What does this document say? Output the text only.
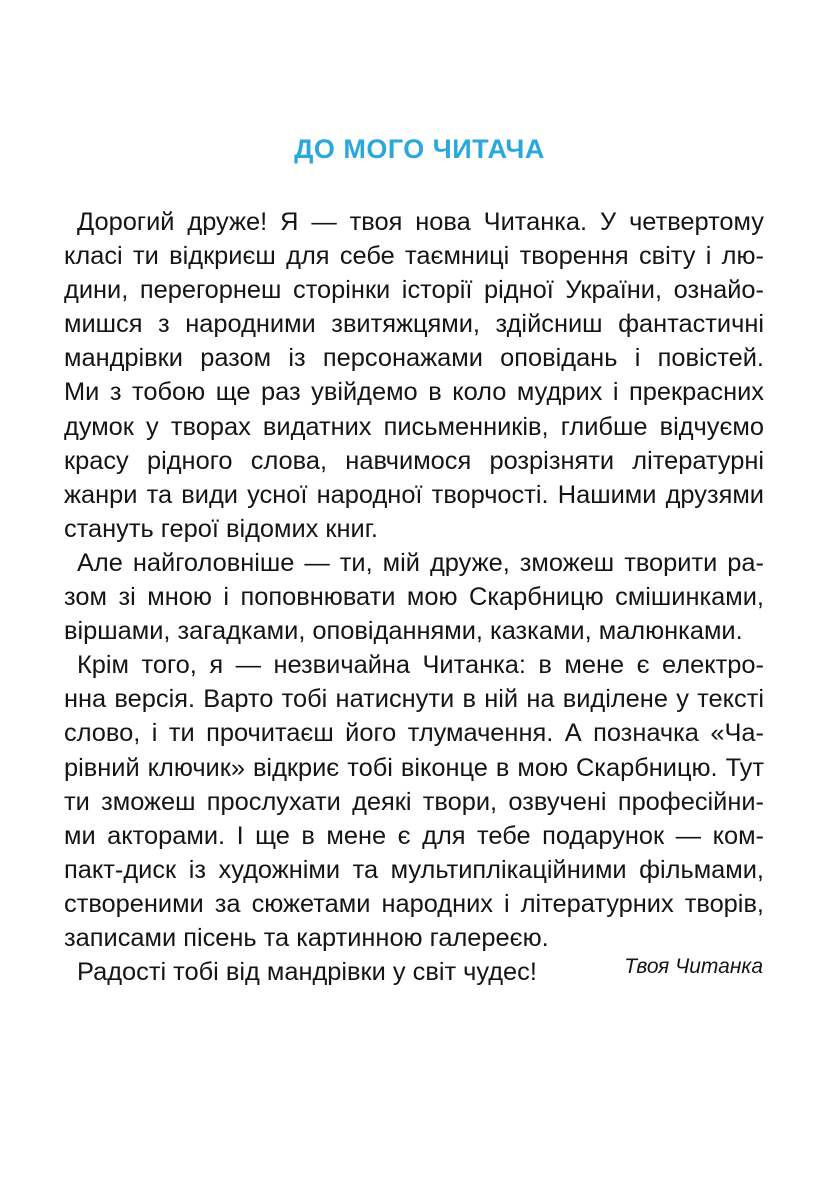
ДО МОГО ЧИТАЧА
Дорогий друже! Я — твоя нова Читанка. У четвертому
класі ти відкриєш для себе таємниці творення світу і лю-
дини, перегорнеш сторінки історії рідної України, ознайо-
мишся з народними звитяжцями, здійсниш фантастичні
мандрівки разом із персонажами оповідань і повістей.
Ми з тобою ще раз увійдемо в коло мудрих і прекрасних
думок у творах видатних письменників, глибше відчуємо
красу рідного слова, навчимося розрізняти літературні
жанри та види усної народної творчості. Нашими друзями
стануть герої відомих книг.
Але найголовніше — ти, мій друже, зможеш творити ра-
зом зі мною і поповнювати мою Скарбницю смішинками,
віршами, загадками, оповіданнями, казками, малюнками.
Крім того, я — незвичайна Читанка: в мене є електро-
нна версія. Варто тобі натиснути в ній на виділене у тексті
слово, і ти прочитаєш його тлумачення. А позначка «Ча-
рівний ключик» відкриє тобі віконце в мою Скарбницю. Тут
ти зможеш прослухати деякі твори, озвучені професійни-
ми акторами. І ще в мене є для тебе подарунок — ком-
пакт-диск із художніми та мультиплікаційними фільмами,
створеними за сюжетами народних і літературних творів,
записами пісень та картинною галереєю.
Радості тобі від мандрівки у світ чудес!	Твоя Читанка
